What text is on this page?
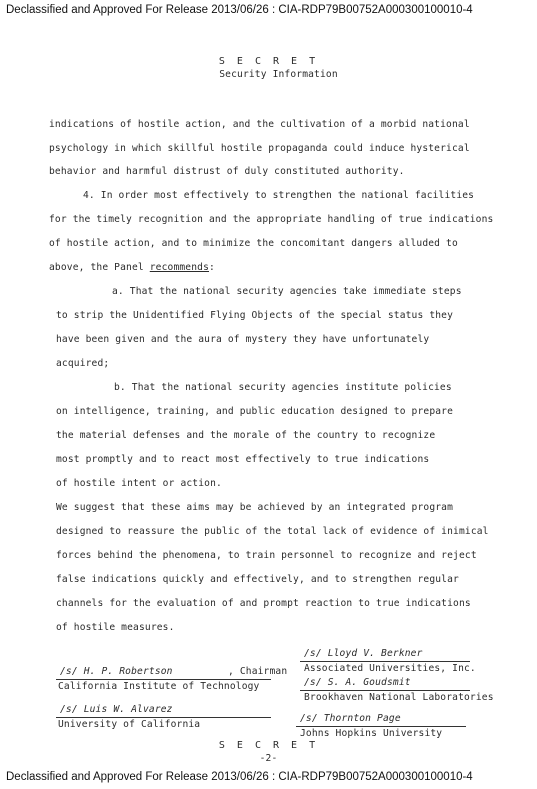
Declassified and Approved For Release 2013/06/26 : CIA-RDP79B00752A000300100010-4
S E C R E T
Security Information
indications of hostile action, and the cultivation of a morbid national
psychology in which skillful hostile propaganda could induce hysterical
behavior and harmful distrust of duly constituted authority.
4. In order most effectively to strengthen the national facilities
for the timely recognition and the appropriate handling of true indications
of hostile action, and to minimize the concomitant dangers alluded to
above, the Panel recommends:
a. That the national security agencies take immediate steps
to strip the Unidentified Flying Objects of the special status they
have been given and the aura of mystery they have unfortunately
acquired;
b. That the national security agencies institute policies
on intelligence, training, and public education designed to prepare
the material defenses and the morale of the country to recognize
most promptly and to react most effectively to true indications
of hostile intent or action.
We suggest that these aims may be achieved by an integrated program
designed to reassure the public of the total lack of evidence of inimical
forces behind the phenomena, to train personnel to recognize and reject
false indications quickly and effectively, and to strengthen regular
channels for the evaluation of and prompt reaction to true indications
of hostile measures.
/s/ Lloyd V. Berkner
Associated Universities, Inc.
/s/ H. P. Robertson	, Chairman
California Institute of Technology	/s/ S. A. Goudsmit
Brookhaven National Laboratories
/s/ Luis W. Alvarez
University of California
/s/ Thornton Page
Johns Hopkins University
S E C R E T
-2-
Declassified and Approved For Release 2013/06/26 : CIA-RDP79B00752A000300100010-4
